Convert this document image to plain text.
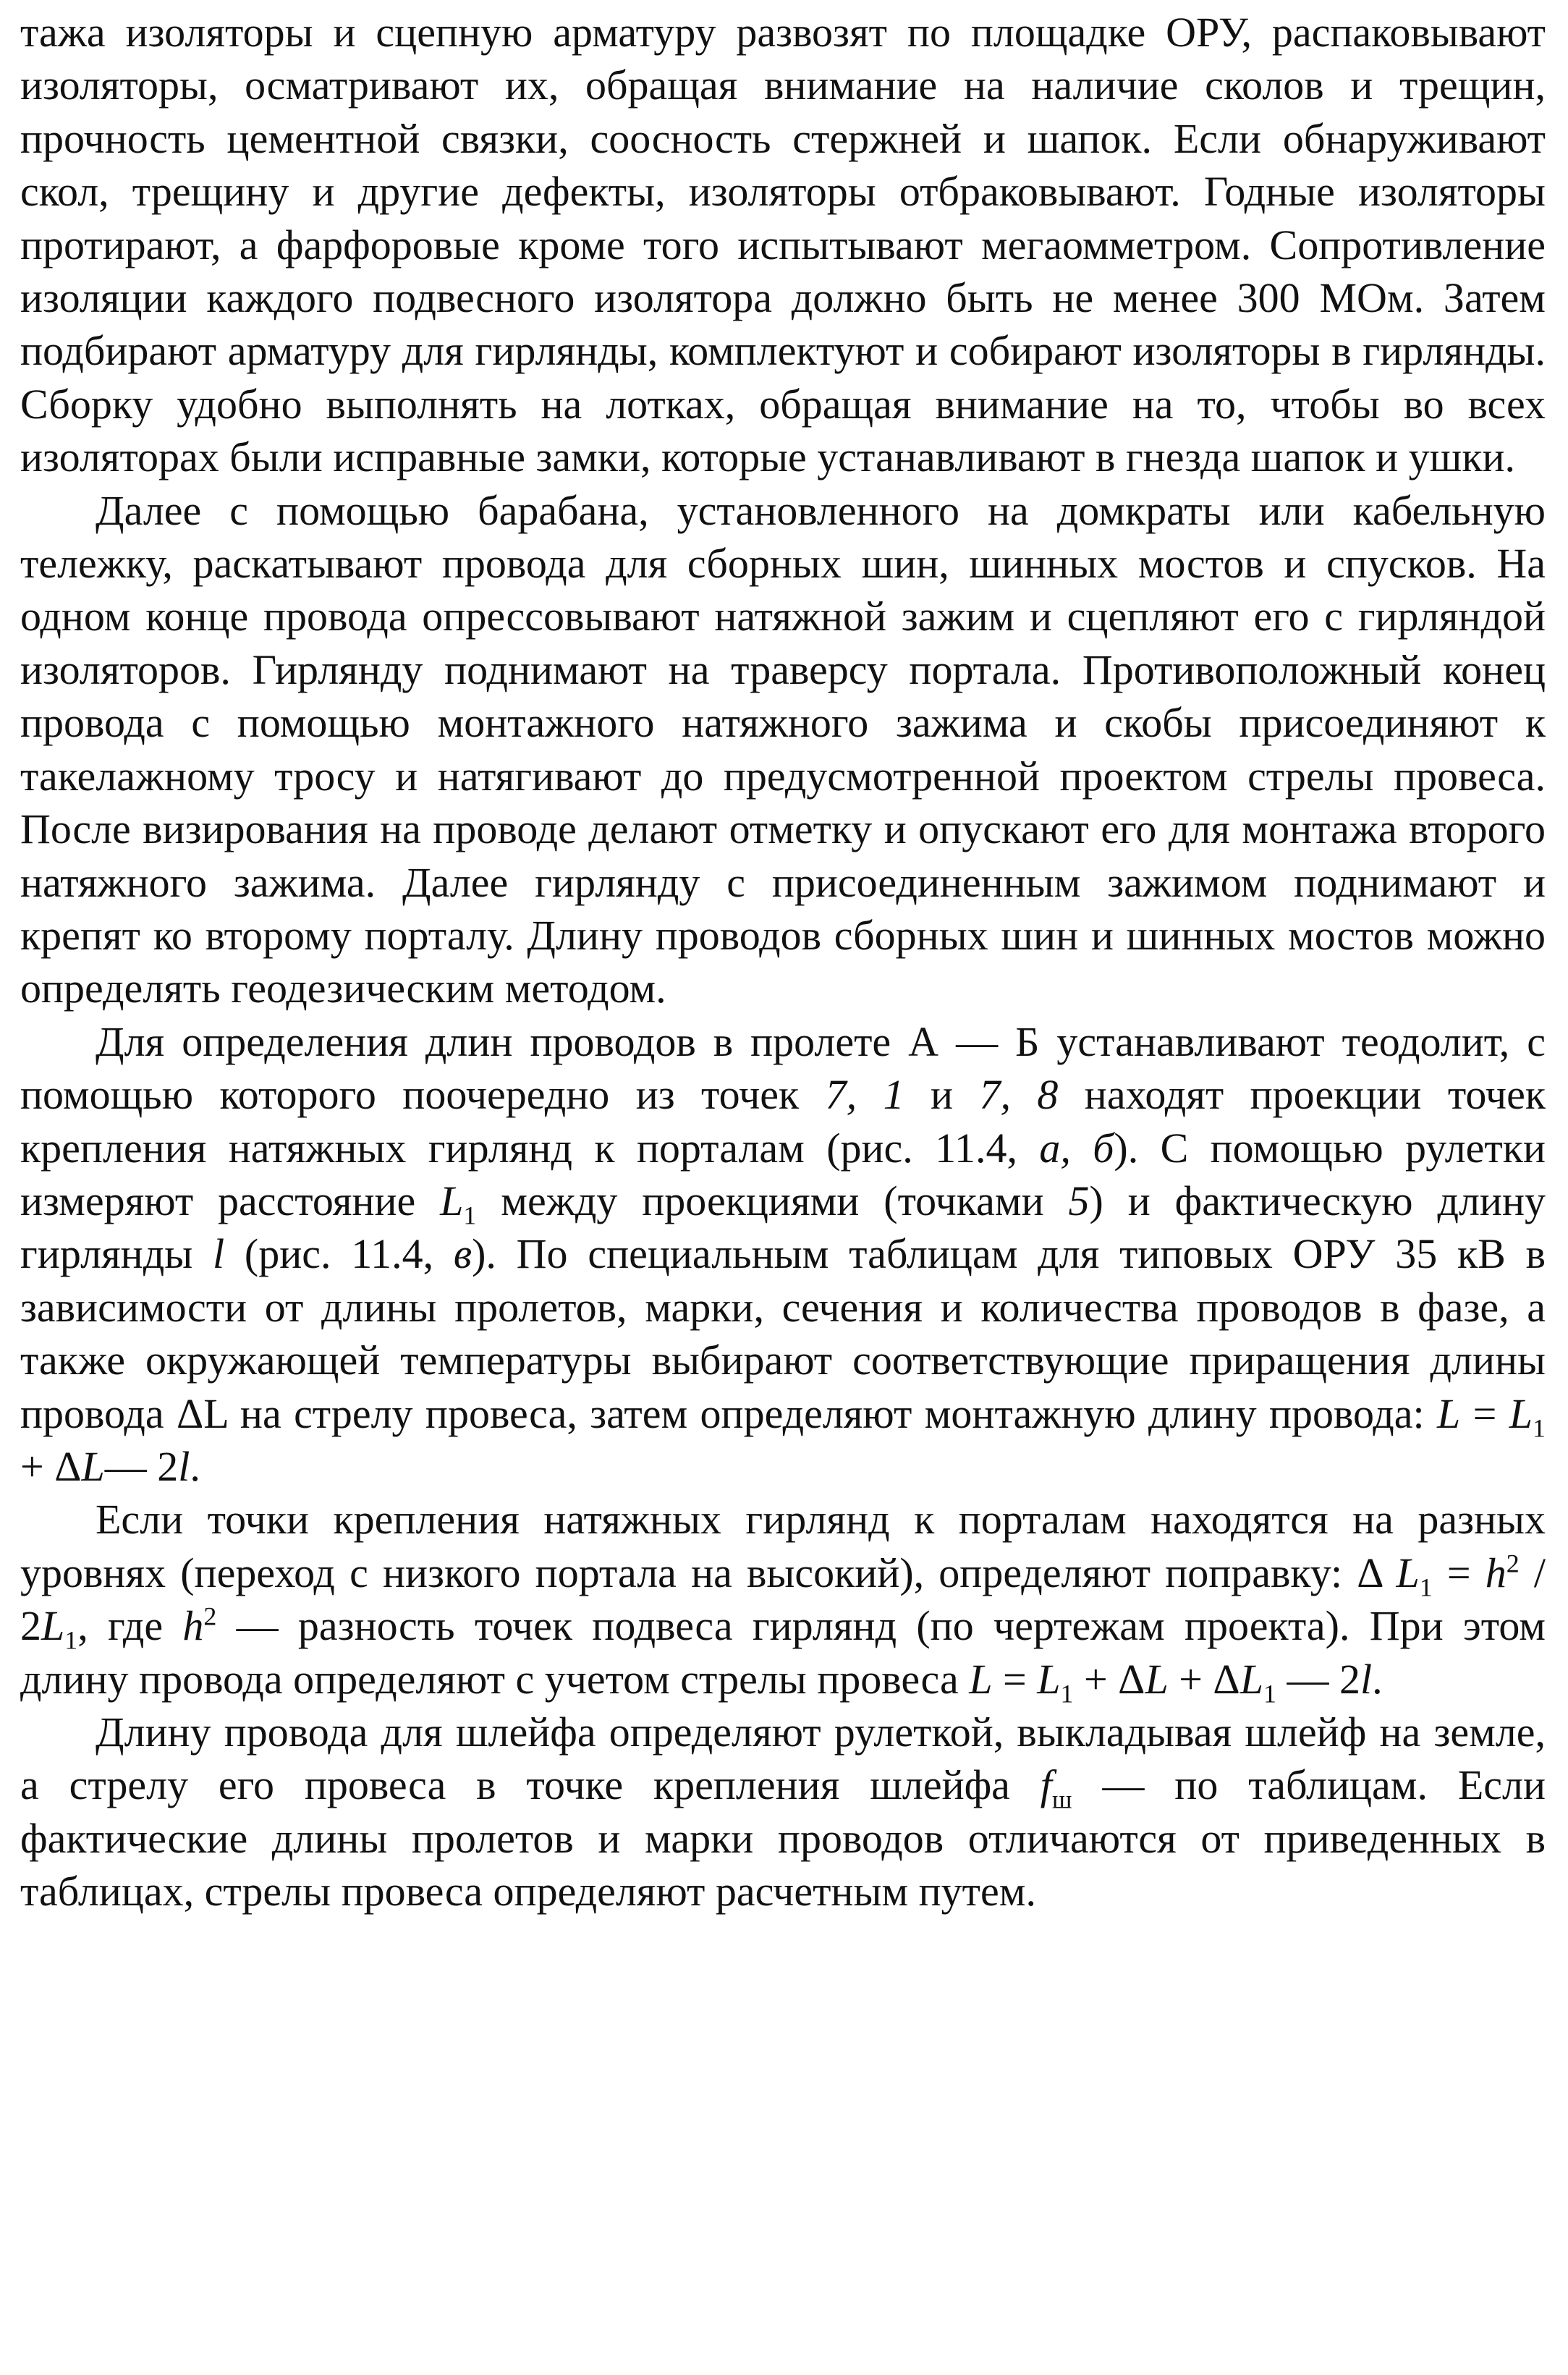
тажа изоляторы и сцепную арматуру развозят по площадке ОРУ, распаковывают изоляторы, осматривают их, обращая внимание на наличие сколов и трещин, прочность цементной связки, соосность стержней и шапок. Если обнаруживают скол, трещину и другие дефекты, изоляторы отбраковывают. Годные изоляторы протирают, а фарфоровые кроме того испытывают мегаомметром. Сопротивление изоляции каждого подвесного изолятора должно быть не менее 300 МОм. Затем подбирают арматуру для гирлянды, комплектуют и собирают изоляторы в гирлянды. Сборку удобно выполнять на лотках, обращая внимание на то, чтобы во всех изоляторах были исправные замки, которые устанавливают в гнезда шапок и ушки.

Далее с помощью барабана, установленного на домкраты или кабельную тележку, раскатывают провода для сборных шин, шинных мостов и спусков. На одном конце провода опрессовывают натяжной зажим и сцепляют его с гирляндой изоляторов. Гирлянду поднимают на траверсу портала. Противоположный конец провода с помощью монтажного натяжного зажима и скобы присоединяют к такелажному тросу и натягивают до предусмотренной проектом стрелы провеса. После визирования на проводе делают отметку и опускают его для монтажа второго натяжного зажима. Далее гирлянду с присоединенным зажимом поднимают и крепят ко второму порталу. Длину проводов сборных шин и шинных мостов можно определять геодезическим методом.

Для определения длин проводов в пролете А — Б устанавливают теодолит, с помощью которого поочередно из точек 7, 1 и 7, 8 находят проекции точек крепления натяжных гирлянд к порталам (рис. 11.4, а, б). С помощью рулетки измеряют расстояние $L_1$ между проекциями (точками 5) и фактическую длину гирлянды l (рис. 11.4, в). По специальным таблицам для типовых ОРУ 35 кВ в зависимости от длины пролетов, марки, сечения и количества проводов в фазе, а также окружающей температуры выбирают соответствующие приращения длины провода ΔL на стрелу провеса, затем определяют монтажную длину провода: $L = L_1$ + ΔL— 2l.

Если точки крепления натяжных гирлянд к порталам находятся на разных уровнях (переход с низкого портала на высокий), определяют поправку: Δ $L_1 = h^2 / 2L_1$, где $h^2$ — разность точек подвеса гирлянд (по чертежам проекта). При этом длину провода определяют с учетом стрелы провеса $L = L_1 + \Delta L + \Delta L_1$ — 2l.

Длину провода для шлейфа определяют рулеткой, выкладывая шлейф на земле, а стрелу его провеса в точке крепления шлейфа $f_ш$ — по таблицам. Если фактические длины пролетов и марки проводов отличаются от приведенных в таблицах, стрелы провеса определяют расчетным путем.
